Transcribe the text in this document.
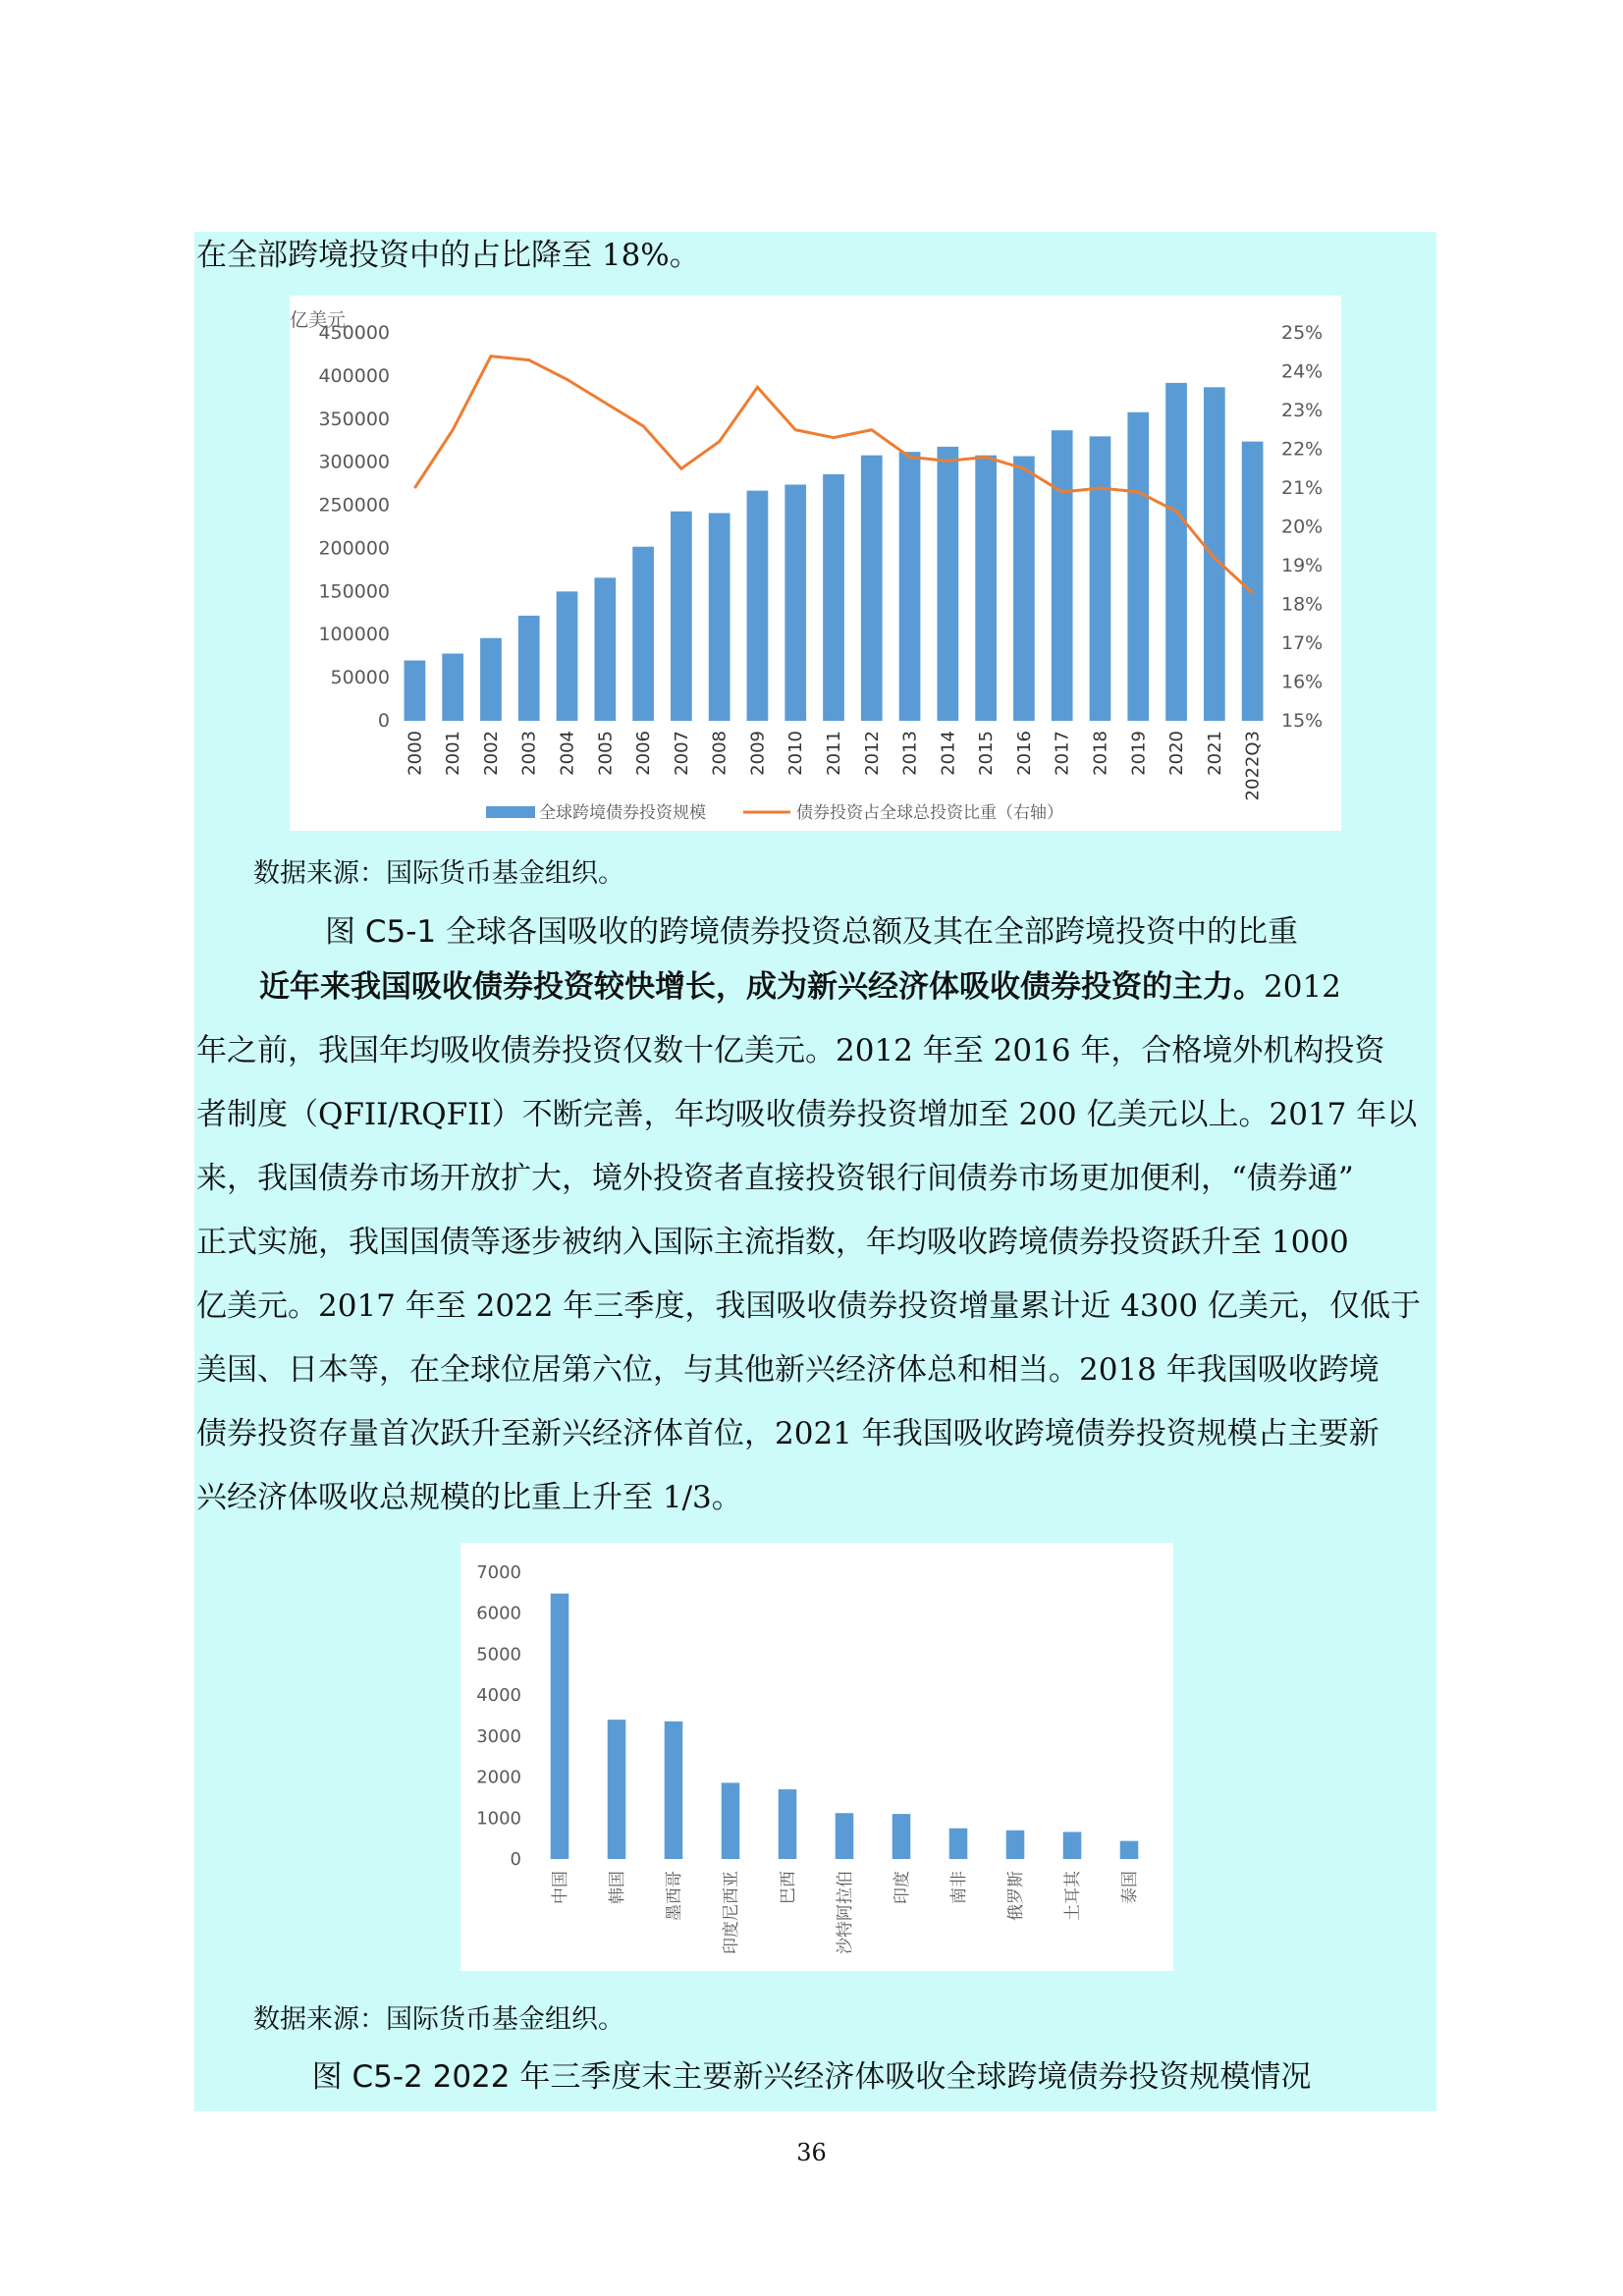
在全部跨境投资中的占比降至 18%。
亿美元
450000
400000
350000
300000
250000
200000
150000
100000
50000
0
25%
24%
23%
22%
21%
20%
19%
18%
17%
16%
15%
2000 2001 2002 2003 2004 2005 2006 2007 2008 2009 2010 2011 2012 2013 2014 2015 2016 2017 2018 2019 2020 2021 2022Q3
全球跨境债券投资规模	债券投资占全球总投资比重（右轴）
数据来源：国际货币基金组织。
图 C5-1 全球各国吸收的跨境债券投资总额及其在全部跨境投资中的比重
近年来我国吸收债券投资较快增长，成为新兴经济体吸收债券投资的主力。2012
年之前，我国年均吸收债券投资仅数十亿美元。2012 年至 2016 年，合格境外机构投资
者制度（QFII/RQFII）不断完善，年均吸收债券投资增加至 200 亿美元以上。2017 年以
来，我国债券市场开放扩大，境外投资者直接投资银行间债券市场更加便利，“债券通”
正式实施，我国国债等逐步被纳入国际主流指数，年均吸收跨境债券投资跃升至 1000
亿美元。2017 年至 2022 年三季度，我国吸收债券投资增量累计近 4300 亿美元，仅低于
美国、日本等，在全球位居第六位，与其他新兴经济体总和相当。2018 年我国吸收跨境
债券投资存量首次跃升至新兴经济体首位，2021 年我国吸收跨境债券投资规模占主要新
兴经济体吸收总规模的比重上升至 1/3。
7000
6000
5000
4000
3000
2000
1000
0
中国 韩国 墨西哥 印度尼西亚 巴西 沙特阿拉伯 印度 南非 俄罗斯 土耳其 泰国
数据来源：国际货币基金组织。
图 C5-2 2022 年三季度末主要新兴经济体吸收全球跨境债券投资规模情况
36
